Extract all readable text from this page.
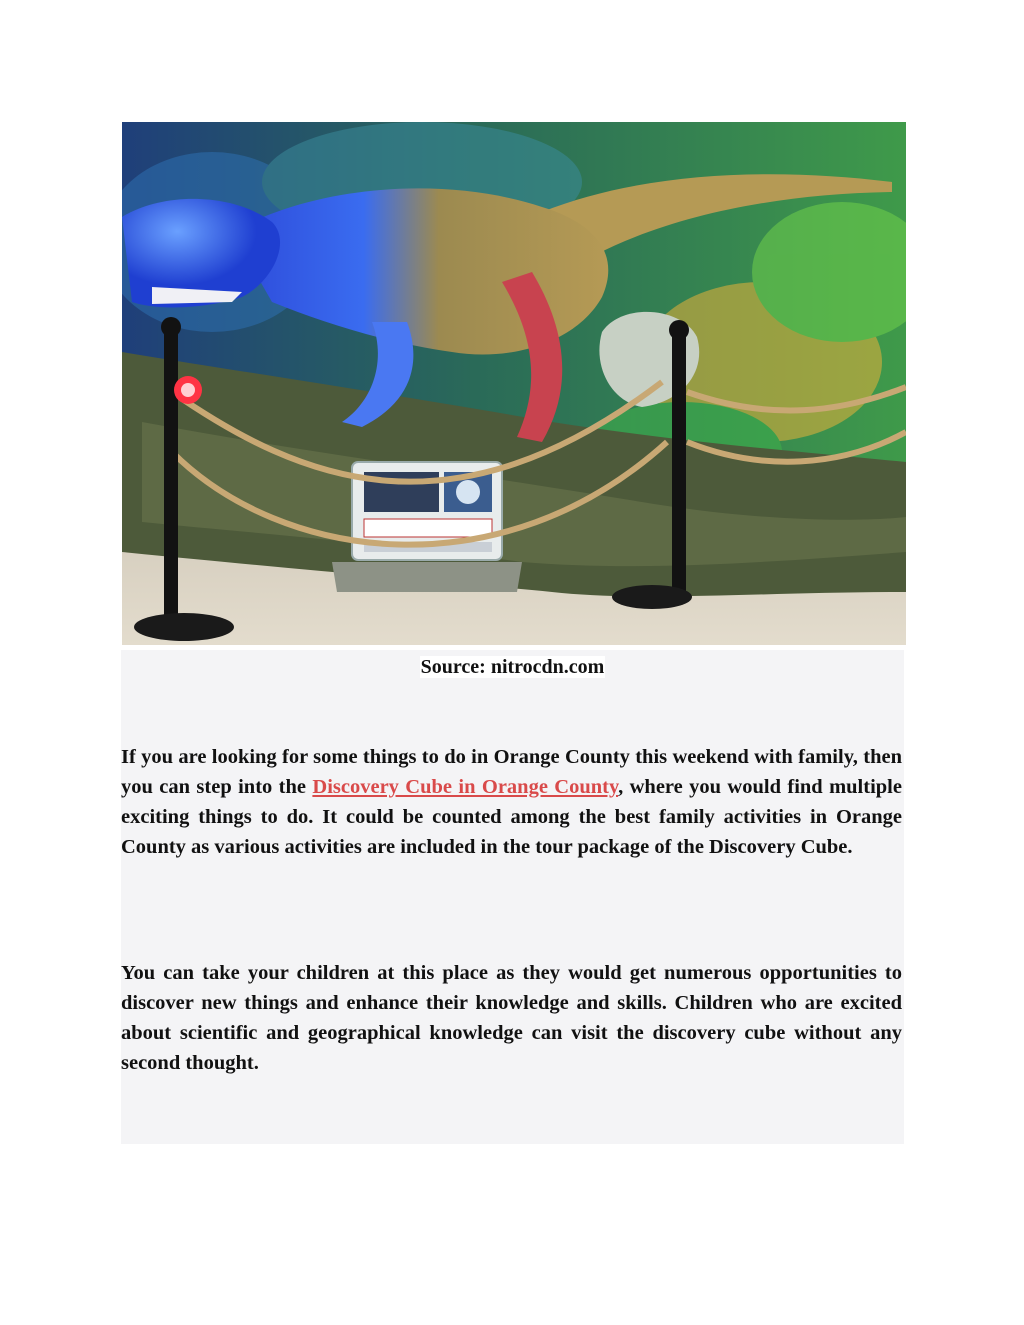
Source: nitrocdn.com

If you are looking for some things to do in Orange County this weekend with family, then you can step into the Discovery Cube in Orange County, where you would find multiple exciting things to do. It could be counted among the best family activities in Orange County as various activities are included in the tour package of the Discovery Cube.

You can take your children at this place as they would get numerous opportunities to discover new things and enhance their knowledge and skills. Children who are excited about scientific and geographical knowledge can visit the discovery cube without any second thought.
